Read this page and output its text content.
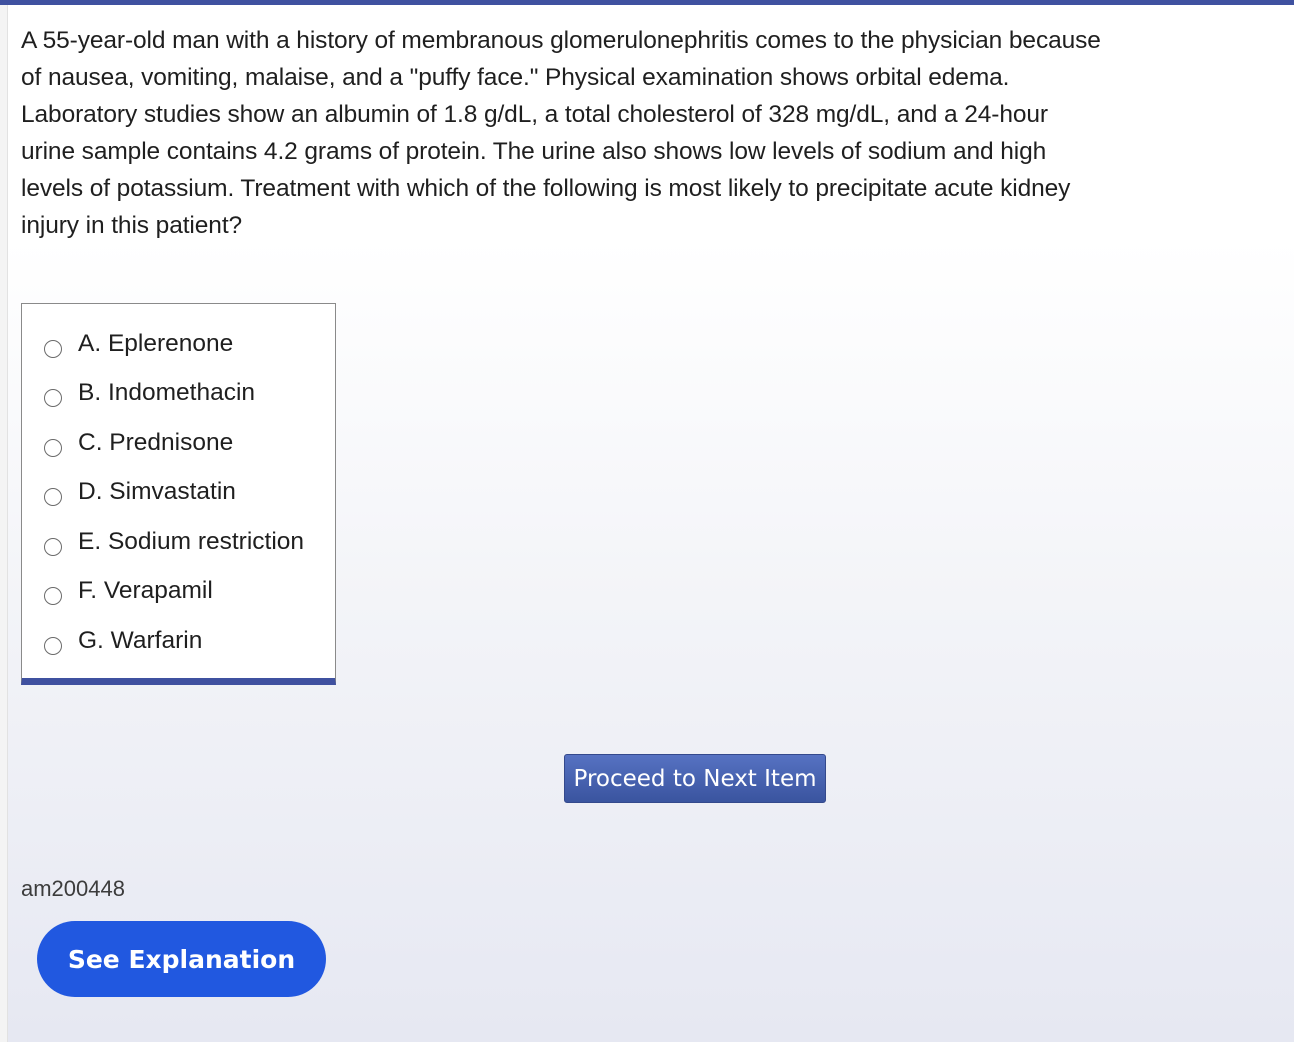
A 55-year-old man with a history of membranous glomerulonephritis comes to the physician because of nausea, vomiting, malaise, and a "puffy face." Physical examination shows orbital edema. Laboratory studies show an albumin of 1.8 g/dL, a total cholesterol of 328 mg/dL, and a 24-hour urine sample contains 4.2 grams of protein. The urine also shows low levels of sodium and high levels of potassium. Treatment with which of the following is most likely to precipitate acute kidney injury in this patient?
A. Eplerenone
B. Indomethacin
C. Prednisone
D. Simvastatin
E. Sodium restriction
F. Verapamil
G. Warfarin
Proceed to Next Item
am200448
See Explanation
